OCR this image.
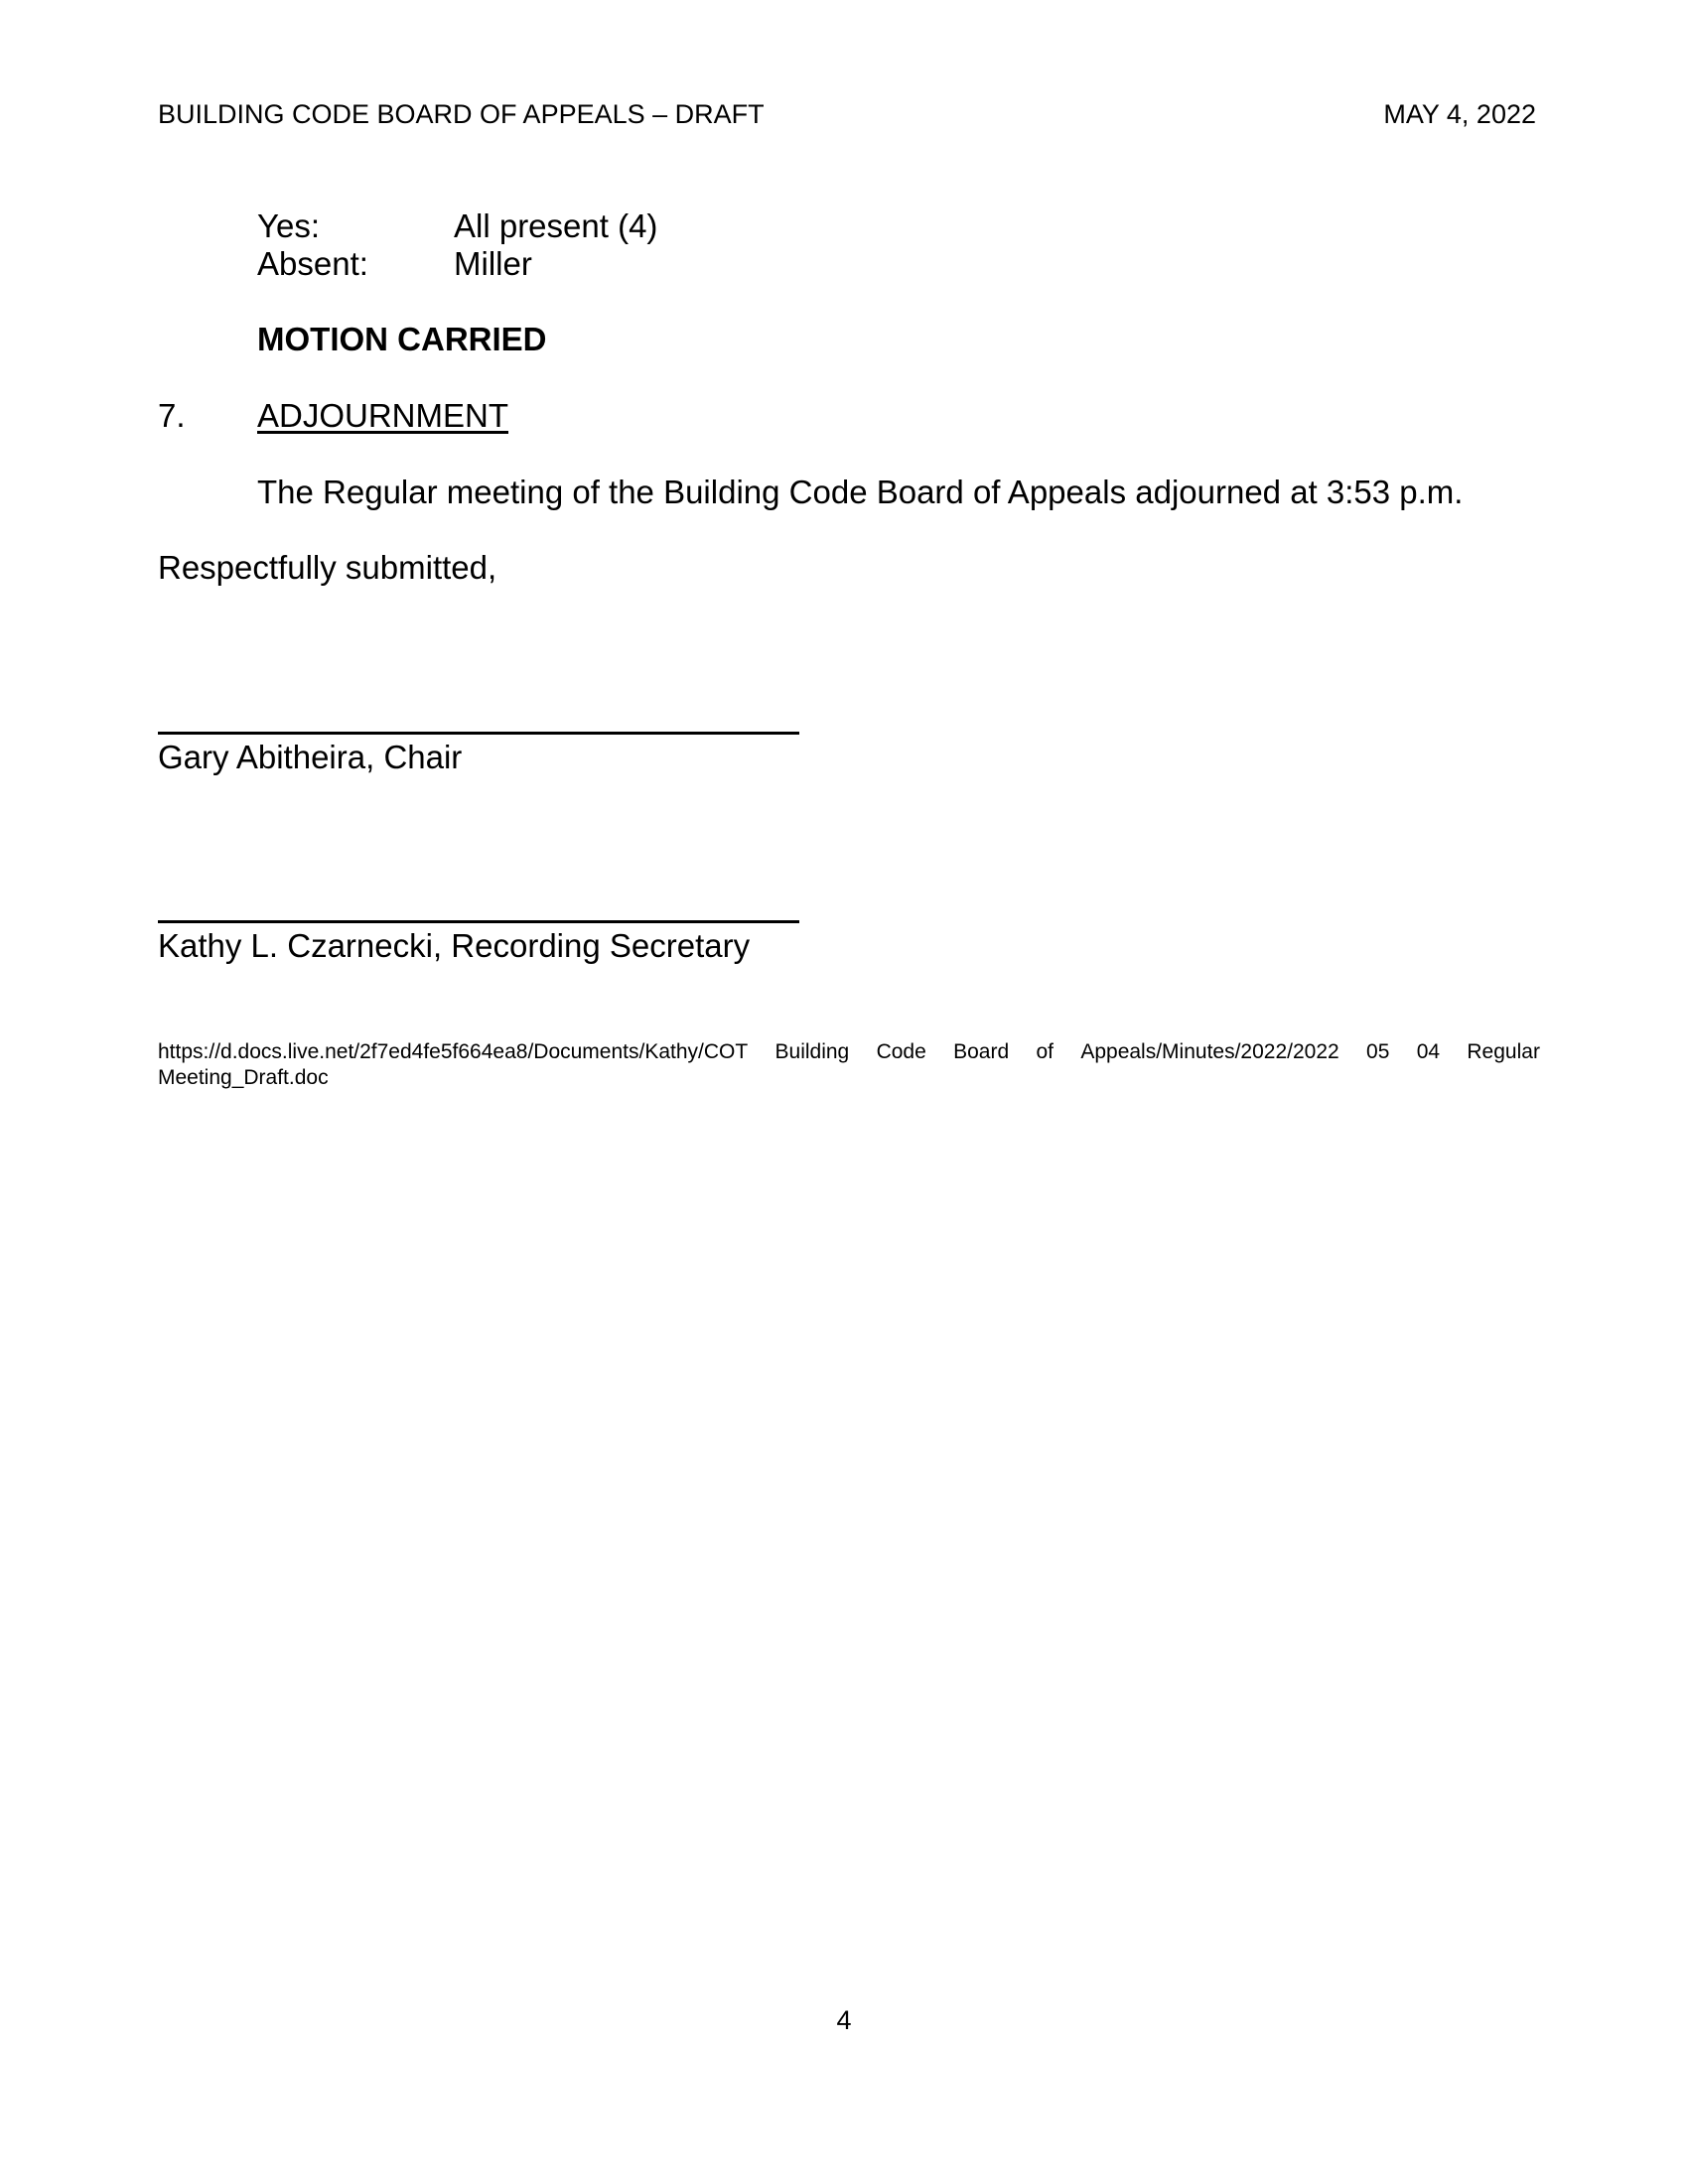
BUILDING CODE BOARD OF APPEALS – DRAFT	MAY 4, 2022
Yes:	All present (4)
Absent:	Miller
MOTION CARRIED
7. ADJOURNMENT
The Regular meeting of the Building Code Board of Appeals adjourned at 3:53 p.m.
Respectfully submitted,
Gary Abitheira, Chair
Kathy L. Czarnecki, Recording Secretary
https://d.docs.live.net/2f7ed4fe5f664ea8/Documents/Kathy/COT Building Code Board of Appeals/Minutes/2022/2022 05 04 Regular
Meeting_Draft.doc
4
